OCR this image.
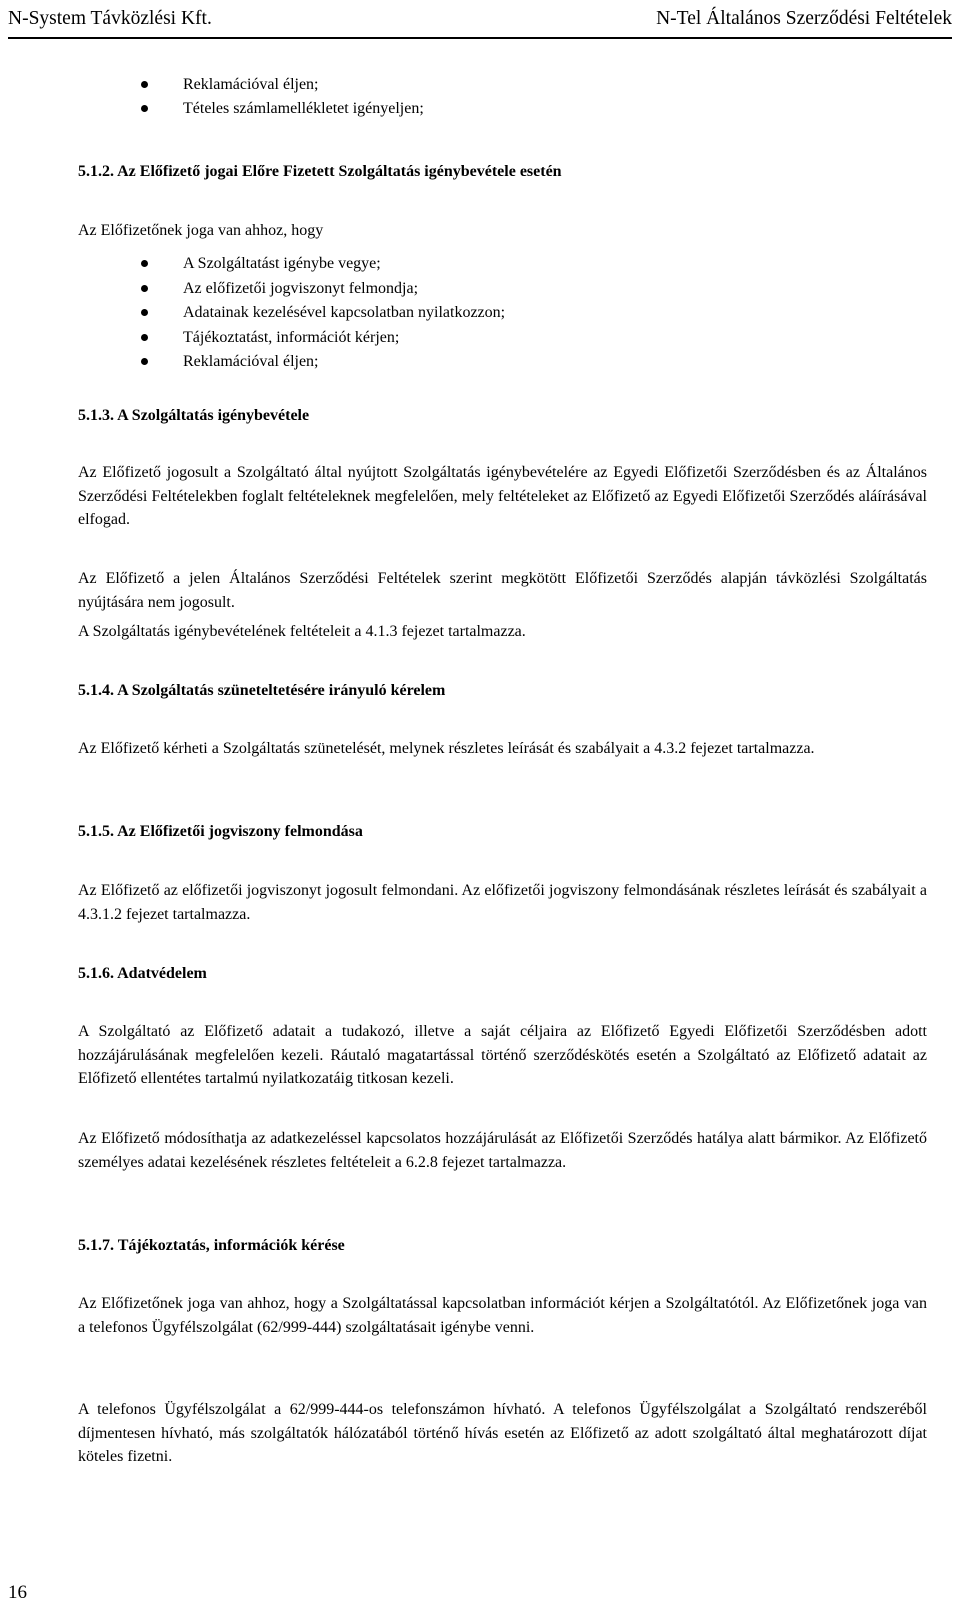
N-System Távközlési Kft.	N-Tel Általános Szerződési Feltételek
Reklamációval éljen;
Tételes számlamellékletet igényeljen;
5.1.2. Az Előfizető jogai Előre Fizetett Szolgáltatás igénybevétele esetén

Az Előfizetőnek joga van ahhoz, hogy

A Szolgáltatást igénybe vegye;
Az előfizetői jogviszonyt felmondja;
Adatainak kezelésével kapcsolatban nyilatkozzon;
Tájékoztatást, információt kérjen;
Reklamációval éljen;
5.1.3. A Szolgáltatás igénybevétele

Az Előfizető jogosult a Szolgáltató által nyújtott Szolgáltatás igénybevételére az Egyedi Előfizetői Szerződésben és az Általános Szerződési Feltételekben foglalt feltételeknek megfelelően, mely feltételeket az Előfizető az Egyedi Előfizetői Szerződés aláírásával elfogad.

Az Előfizető a jelen Általános Szerződési Feltételek szerint megkötött Előfizetői Szerződés alapján távközlési Szolgáltatás nyújtására nem jogosult.

A Szolgáltatás igénybevételének feltételeit a 4.1.3 fejezet tartalmazza.

5.1.4. A Szolgáltatás szüneteltetésére irányuló kérelem

Az Előfizető kérheti a Szolgáltatás szünetelését, melynek részletes leírását és szabályait a 4.3.2 fejezet tartalmazza.

5.1.5. Az Előfizetői jogviszony felmondása

Az Előfizető az előfizetői jogviszonyt jogosult felmondani. Az előfizetői jogviszony felmondásának részletes leírását és szabályait a 4.3.1.2 fejezet tartalmazza.

5.1.6. Adatvédelem

A Szolgáltató az Előfizető adatait a tudakozó, illetve a saját céljaira az Előfizető Egyedi Előfizetői Szerződésben adott hozzájárulásának megfelelően kezeli. Ráutaló magatartással történő szerződéskötés esetén a Szolgáltató az Előfizető adatait az Előfizető ellentétes tartalmú nyilatkozatáig titkosan kezeli.

Az Előfizető módosíthatja az adatkezeléssel kapcsolatos hozzájárulását az Előfizetői Szerződés hatálya alatt bármikor. Az Előfizető személyes adatai kezelésének részletes feltételeit a 6.2.8 fejezet tartalmazza.

5.1.7. Tájékoztatás, információk kérése

Az Előfizetőnek joga van ahhoz, hogy a Szolgáltatással kapcsolatban információt kérjen a Szolgáltatótól. Az Előfizetőnek joga van a telefonos Ügyfélszolgálat (62/999-444) szolgáltatásait igénybe venni.

A telefonos Ügyfélszolgálat a 62/999-444-os telefonszámon hívható. A telefonos Ügyfélszolgálat a Szolgáltató rendszeréből díjmentesen hívható, más szolgáltatók hálózatából történő hívás esetén az Előfizető az adott szolgáltató által meghatározott díjat köteles fizetni.

16
